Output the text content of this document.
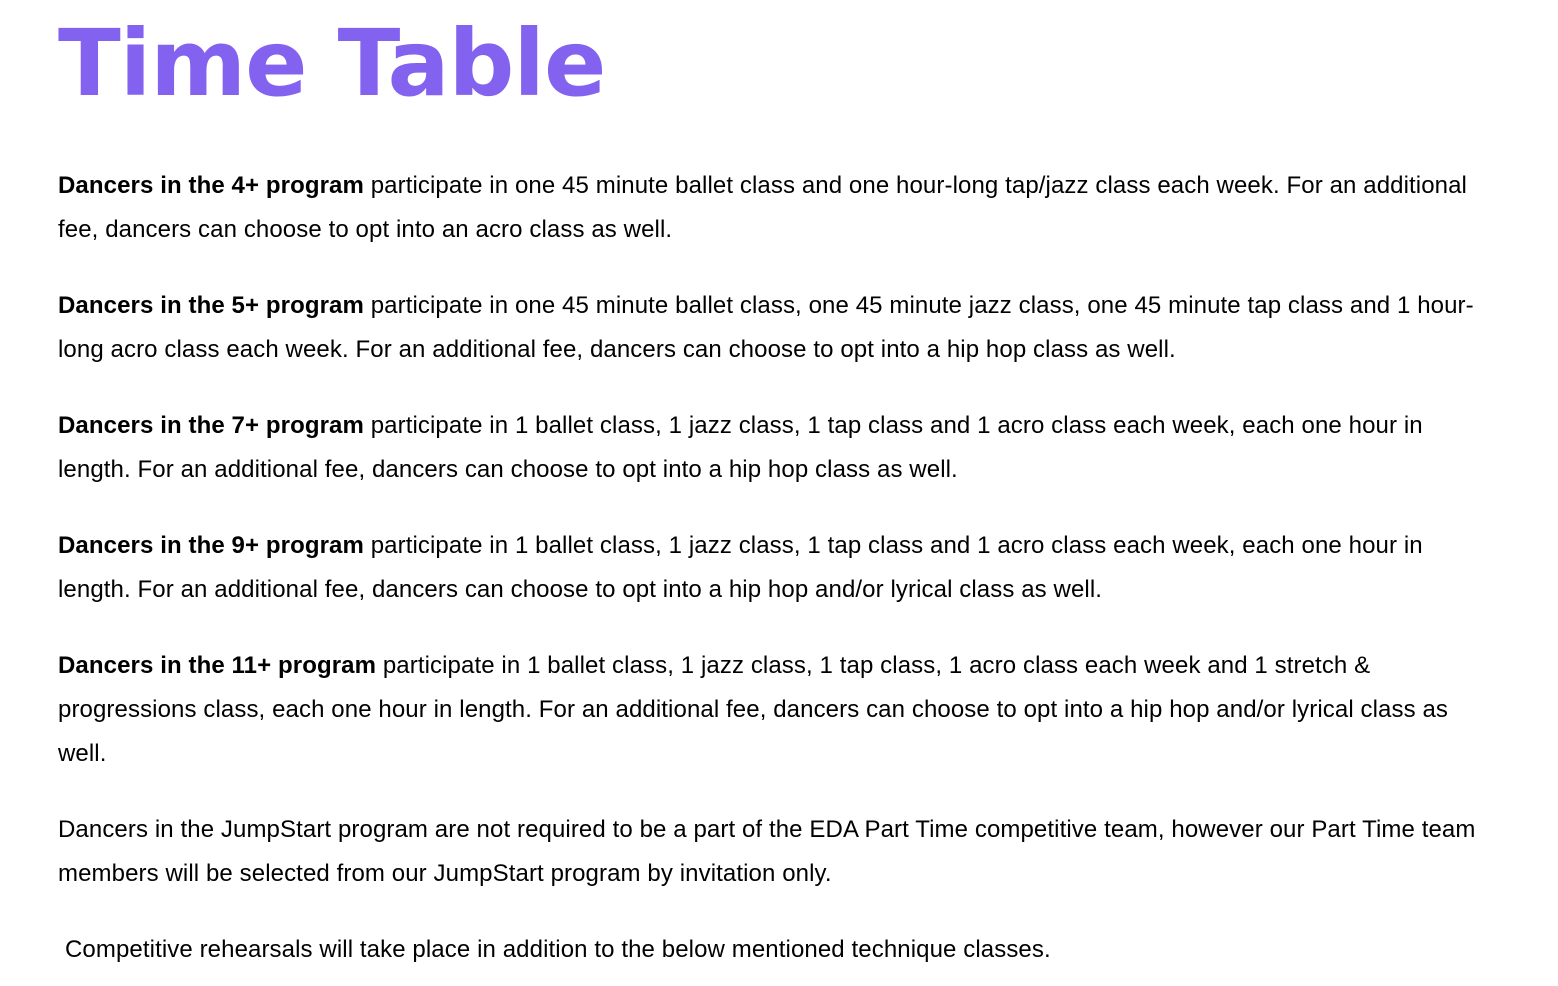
Time Table

Dancers in the 4+ program participate in one 45 minute ballet class and one hour-long tap/jazz class each week. For an additional fee, dancers can choose to opt into an acro class as well.

Dancers in the 5+ program participate in one 45 minute ballet class, one 45 minute jazz class, one 45 minute tap class and 1 hour-long acro class each week. For an additional fee, dancers can choose to opt into a hip hop class as well.

Dancers in the 7+ program participate in 1 ballet class, 1 jazz class, 1 tap class and 1 acro class each week, each one hour in length. For an additional fee, dancers can choose to opt into a hip hop class as well.

Dancers in the 9+ program participate in 1 ballet class, 1 jazz class, 1 tap class and 1 acro class each week, each one hour in length. For an additional fee, dancers can choose to opt into a hip hop and/or lyrical class as well.

Dancers in the 11+ program participate in 1 ballet class, 1 jazz class, 1 tap class, 1 acro class each week and 1 stretch & progressions class, each one hour in length. For an additional fee, dancers can choose to opt into a hip hop and/or lyrical class as well.

Dancers in the JumpStart program are not required to be a part of the EDA Part Time competitive team, however our Part Time team members will be selected from our JumpStart program by invitation only.

Competitive rehearsals will take place in addition to the below mentioned technique classes.
